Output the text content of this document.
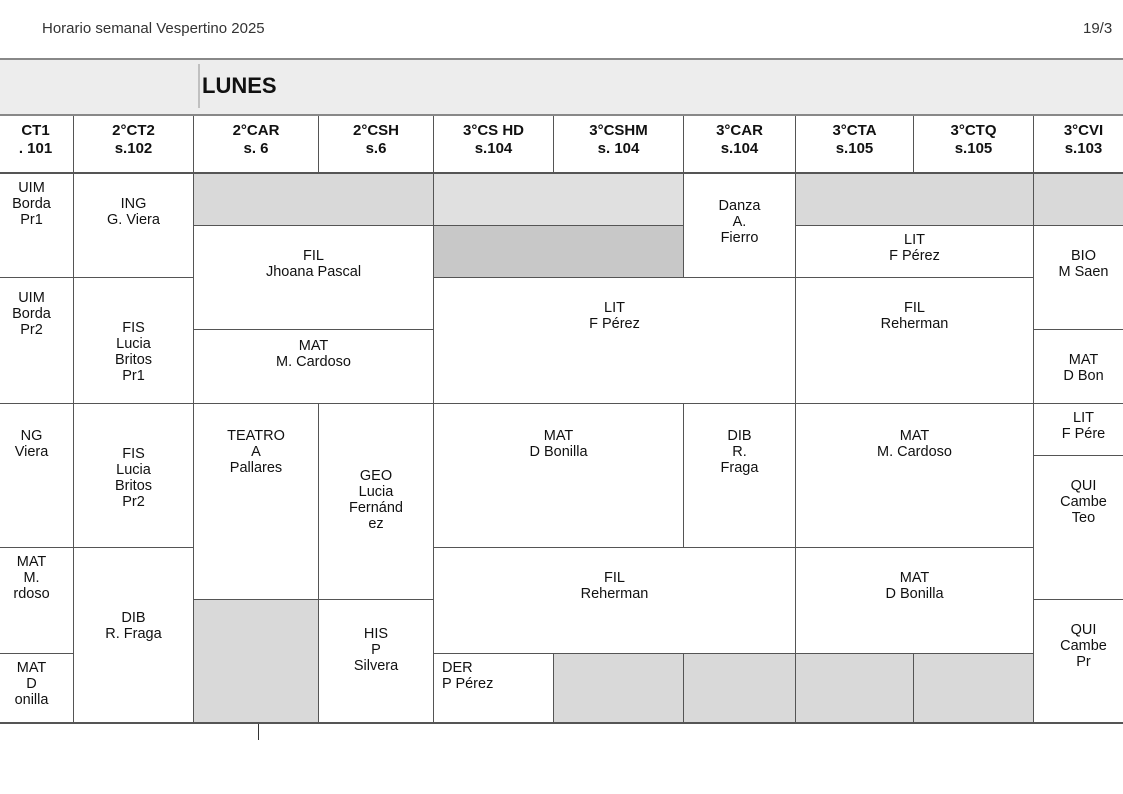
Horario semanal Vespertino 2025	19/3
LUNES
CT1
. 101
2°CT2
s.102
2°CAR
s. 6
2°CSH
s.6
3°CS HD
s.104
3°CSHM
s. 104
3°CAR
s.104
3°CTA
s.105
3°CTQ
s.105
3°CVI
s.103
UIM
Borda
Pr1
UIM
Borda
Pr2
NG
Viera
MAT
M.
rdoso
MAT
D
onilla
ING
G. Viera
FIS
Lucia
Britos
Pr1
FIS
Lucia
Britos
Pr2
DIB
R. Fraga
FIL
Jhoana Pascal
MAT
M. Cardoso
TEATRO
A
Pallares	GEO
Lucia
Fernánd
ez
HIS
P
Silvera
Danza
A.
Fierro
LIT
F Pérez
MAT
D Bonilla
DIB
R.
Fraga
FIL
Reherman
DER
P Pérez
LIT
F Pérez
FIL
Reherman
MAT
M. Cardoso
MAT
D Bonilla
BIO
M Saen
MAT
D Bon
LIT
F Pére
QUI
Cambe
Teo
QUI
Cambe
Pr
